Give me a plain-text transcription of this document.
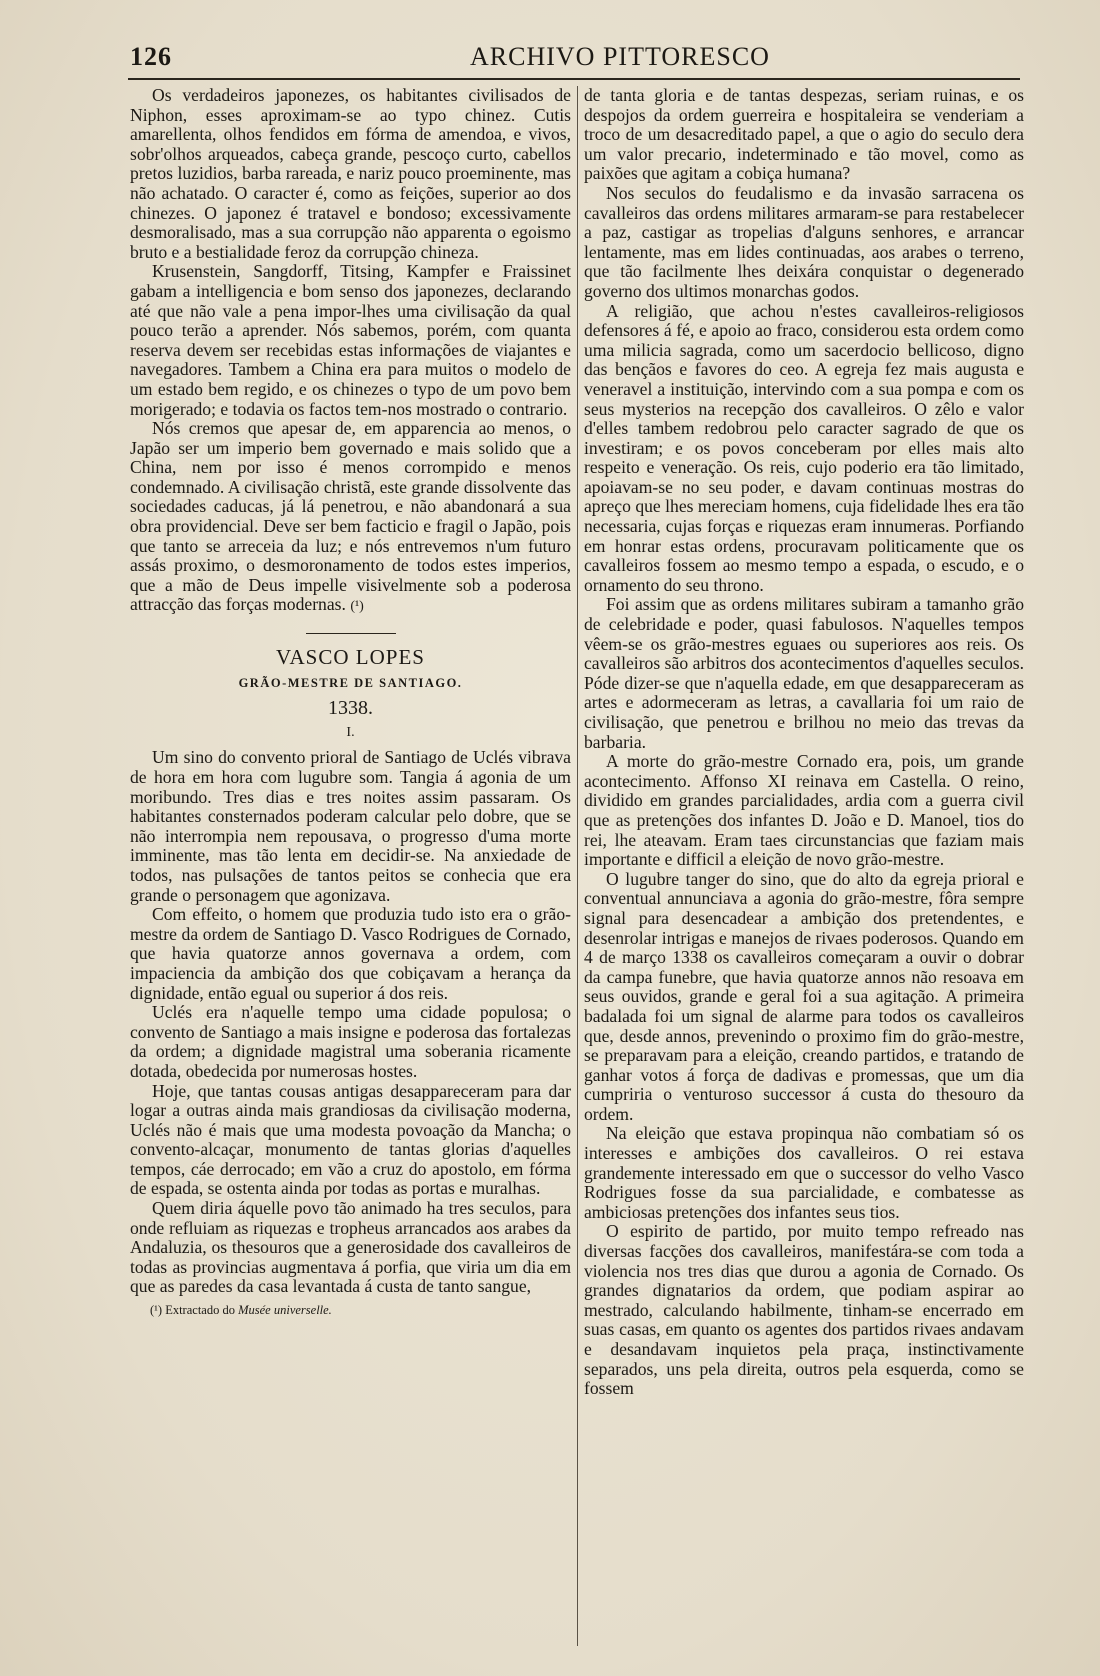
126	ARCHIVO PITTORESCO

Os verdadeiros japonezes, os habitantes civilisados de Niphon, esses aproximam-se ao typo chinez. Cutis amarellenta, olhos fendidos em fórma de amendoa, e vivos, sobr'olhos arqueados, cabeça grande, pescoço curto, cabellos pretos luzidios, barba rareada, e nariz pouco proeminente, mas não achatado. O caracter é, como as feições, superior ao dos chinezes. O japonez é tratavel e bondoso; excessivamente desmoralisado, mas a sua corrupção não apparenta o egoismo bruto e a bestialidade feroz da corrupção chineza.

Krusenstein, Sangdorff, Titsing, Kampfer e Fraissinet gabam a intelligencia e bom senso dos japonezes, declarando até que não vale a pena impor-lhes uma civilisação da qual pouco terão a aprender. Nós sabemos, porém, com quanta reserva devem ser recebidas estas informações de viajantes e navegadores. Tambem a China era para muitos o modelo de um estado bem regido, e os chinezes o typo de um povo bem morigerado; e todavia os factos tem-nos mostrado o contrario.

Nós cremos que apesar de, em apparencia ao menos, o Japão ser um imperio bem governado e mais solido que a China, nem por isso é menos corrompido e menos condemnado. A civilisação christã, este grande dissolvente das sociedades caducas, já lá penetrou, e não abandonará a sua obra providencial. Deve ser bem facticio e fragil o Japão, pois que tanto se arreceia da luz; e nós entrevemos n'um futuro assás proximo, o desmoronamento de todos estes imperios, que a mão de Deus impelle visivelmente sob a poderosa attracção das forças modernas. (¹)

VASCO LOPES
GRÃO-MESTRE DE SANTIAGO.
1338.
I.

Um sino do convento prioral de Santiago de Uclés vibrava de hora em hora com lugubre som. Tangia á agonia de um moribundo. Tres dias e tres noites assim passaram. Os habitantes consternados poderam calcular pelo dobre, que se não interrompia nem repousava, o progresso d'uma morte imminente, mas tão lenta em decidir-se. Na anxiedade de todos, nas pulsações de tantos peitos se conhecia que era grande o personagem que agonizava.

Com effeito, o homem que produzia tudo isto era o grão-mestre da ordem de Santiago D. Vasco Rodrigues de Cornado, que havia quatorze annos governava a ordem, com impaciencia da ambição dos que cobiçavam a herança da dignidade, então egual ou superior á dos reis.

Uclés era n'aquelle tempo uma cidade populosa; o convento de Santiago a mais insigne e poderosa das fortalezas da ordem; a dignidade magistral uma soberania ricamente dotada, obedecida por numerosas hostes.

Hoje, que tantas cousas antigas desappareceram para dar logar a outras ainda mais grandiosas da civilisação moderna, Uclés não é mais que uma modesta povoação da Mancha; o convento-alcaçar, monumento de tantas glorias d'aquelles tempos, cáe derrocado; em vão a cruz do apostolo, em fórma de espada, se ostenta ainda por todas as portas e muralhas.

Quem diria áquelle povo tão animado ha tres seculos, para onde refluiam as riquezas e tropheus arrancados aos arabes da Andaluzia, os thesouros que a generosidade dos cavalleiros de todas as provincias augmentava á porfia, que viria um dia em que as paredes da casa levantada á custa de tanto sangue,

(¹) Extractado do Musée universelle.

de tanta gloria e de tantas despezas, seriam ruinas, e os despojos da ordem guerreira e hospitaleira se venderiam a troco de um desacreditado papel, a que o agio do seculo dera um valor precario, indeterminado e tão movel, como as paixões que agitam a cobiça humana?

Nos seculos do feudalismo e da invasão sarracena os cavalleiros das ordens militares armaram-se para restabelecer a paz, castigar as tropelias d'alguns senhores, e arrancar lentamente, mas em lides continuadas, aos arabes o terreno, que tão facilmente lhes deixára conquistar o degenerado governo dos ultimos monarchas godos.

A religião, que achou n'estes cavalleiros-religiosos defensores á fé, e apoio ao fraco, considerou esta ordem como uma milicia sagrada, como um sacerdocio bellicoso, digno das bençãos e favores do ceo. A egreja fez mais augusta e veneravel a instituição, intervindo com a sua pompa e com os seus mysterios na recepção dos cavalleiros. O zêlo e valor d'elles tambem redobrou pelo caracter sagrado de que os investiram; e os povos conceberam por elles mais alto respeito e veneração. Os reis, cujo poderio era tão limitado, apoiavam-se no seu poder, e davam continuas mostras do apreço que lhes mereciam homens, cuja fidelidade lhes era tão necessaria, cujas forças e riquezas eram innumeras. Porfiando em honrar estas ordens, procuravam politicamente que os cavalleiros fossem ao mesmo tempo a espada, o escudo, e o ornamento do seu throno.

Foi assim que as ordens militares subiram a tamanho grão de celebridade e poder, quasi fabulosos. N'aquelles tempos vêem-se os grão-mestres eguaes ou superiores aos reis. Os cavalleiros são arbitros dos acontecimentos d'aquelles seculos. Póde dizer-se que n'aquella edade, em que desappareceram as artes e adormeceram as letras, a cavallaria foi um raio de civilisação, que penetrou e brilhou no meio das trevas da barbaria.

A morte do grão-mestre Cornado era, pois, um grande acontecimento. Affonso XI reinava em Castella. O reino, dividido em grandes parcialidades, ardia com a guerra civil que as pretenções dos infantes D. João e D. Manoel, tios do rei, lhe ateavam. Eram taes circunstancias que faziam mais importante e difficil a eleição de novo grão-mestre.

O lugubre tanger do sino, que do alto da egreja prioral e conventual annunciava a agonia do grão-mestre, fôra sempre signal para desencadear a ambição dos pretendentes, e desenrolar intrigas e manejos de rivaes poderosos. Quando em 4 de março 1338 os cavalleiros começaram a ouvir o dobrar da campa funebre, que havia quatorze annos não resoava em seus ouvidos, grande e geral foi a sua agitação. A primeira badalada foi um signal de alarme para todos os cavalleiros que, desde annos, prevenindo o proximo fim do grão-mestre, se preparavam para a eleição, creando partidos, e tratando de ganhar votos á força de dadivas e promessas, que um dia cumpriria o venturoso successor á custa do thesouro da ordem.

Na eleição que estava propinqua não combatiam só os interesses e ambições dos cavalleiros. O rei estava grandemente interessado em que o successor do velho Vasco Rodrigues fosse da sua parcialidade, e combatesse as ambiciosas pretenções dos infantes seus tios.

O espirito de partido, por muito tempo refreado nas diversas facções dos cavalleiros, manifestára-se com toda a violencia nos tres dias que durou a agonia de Cornado. Os grandes dignatarios da ordem, que podiam aspirar ao mestrado, calculando habilmente, tinham-se encerrado em suas casas, em quanto os agentes dos partidos rivaes andavam e desandavam inquietos pela praça, instinctivamente separados, uns pela direita, outros pela esquerda, como se fossem
